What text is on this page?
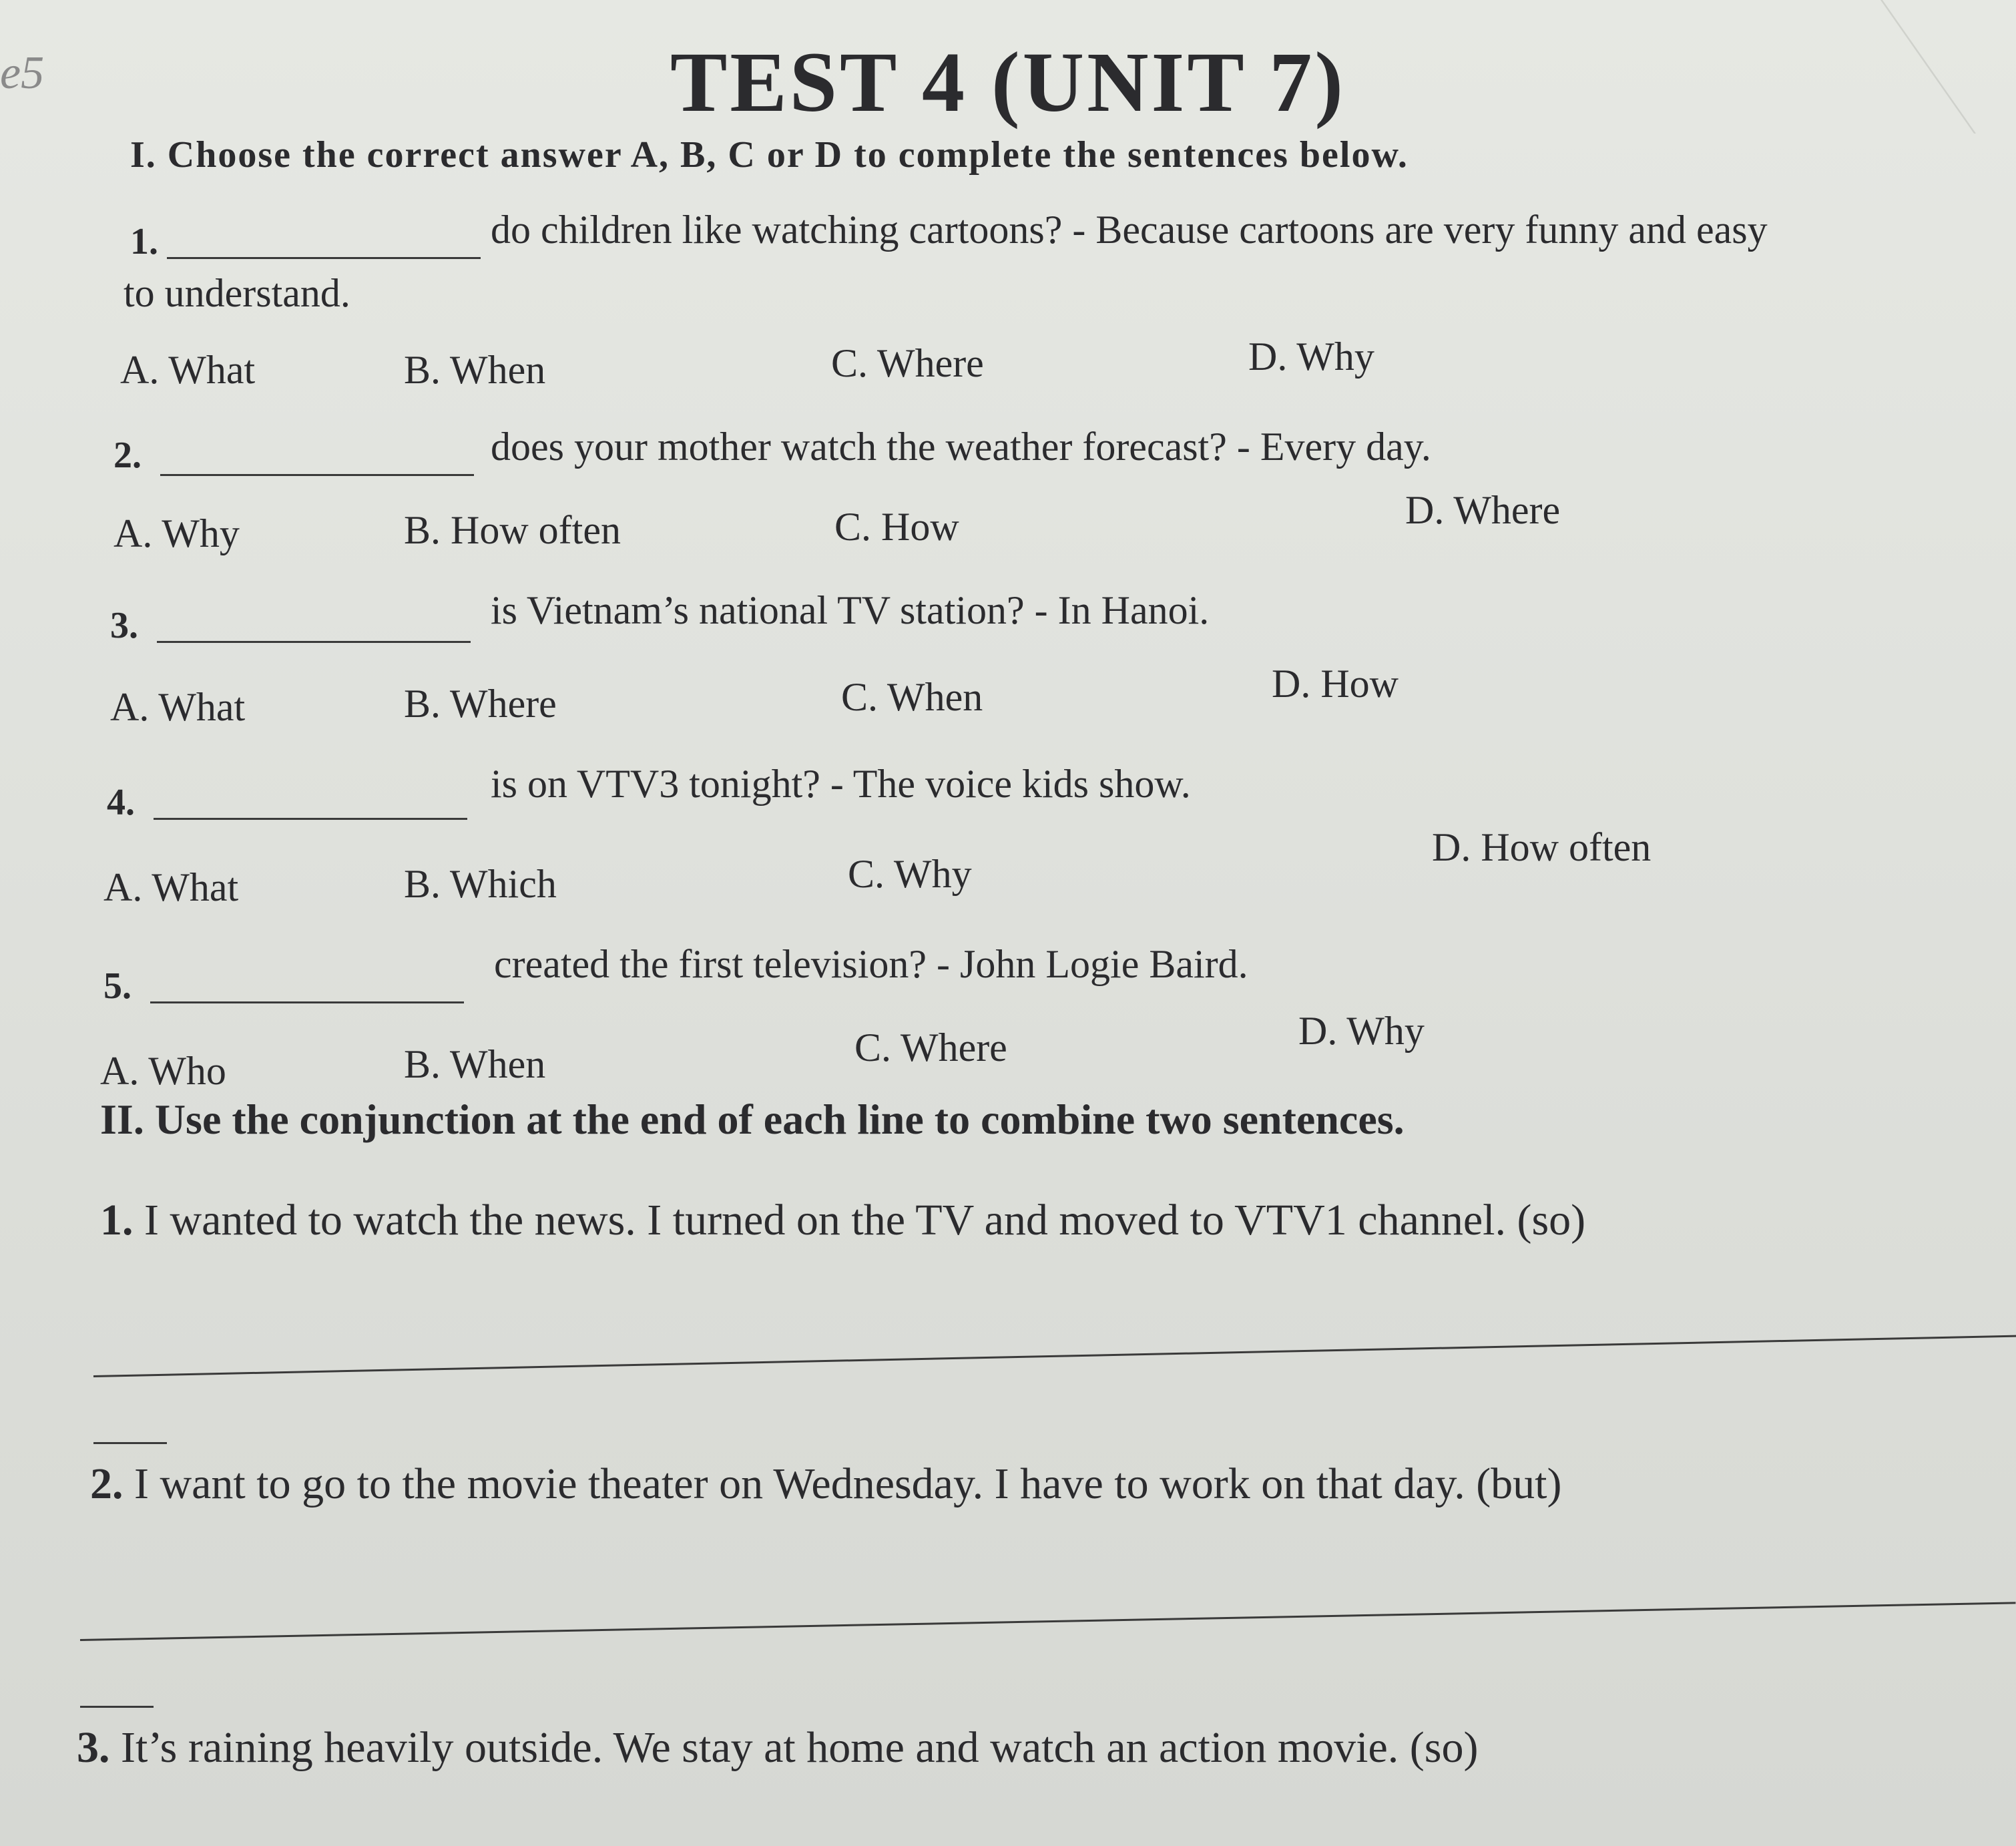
e5	TEST 4 (UNIT 7)
I. Choose the correct answer A, B, C or D to complete the sentences below.
1.	do children like watching cartoons? - Because cartoons are very funny and easy
to understand.
A. What	B. When	C. Where	D. Why
2.	does your mother watch the weather forecast? - Every day.
A. Why	B. How often	C. How	D. Where
3.	is Vietnam’s national TV station? - In Hanoi.
A. What	B. Where	C. When	D. How
4.	is on VTV3 tonight? - The voice kids show.
A. What	B. Which	C. Why
D. How often
5.	created the first television? - John Logie Baird.
A. Who	B. When	C. Where	D. Why
II. Use the conjunction at the end of each line to combine two sentences.
1. I wanted to watch the news. I turned on the TV and moved to VTV1 channel. (so)
2. I want to go to the movie theater on Wednesday. I have to work on that day. (but)
3. It’s raining heavily outside. We stay at home and watch an action movie. (so)
